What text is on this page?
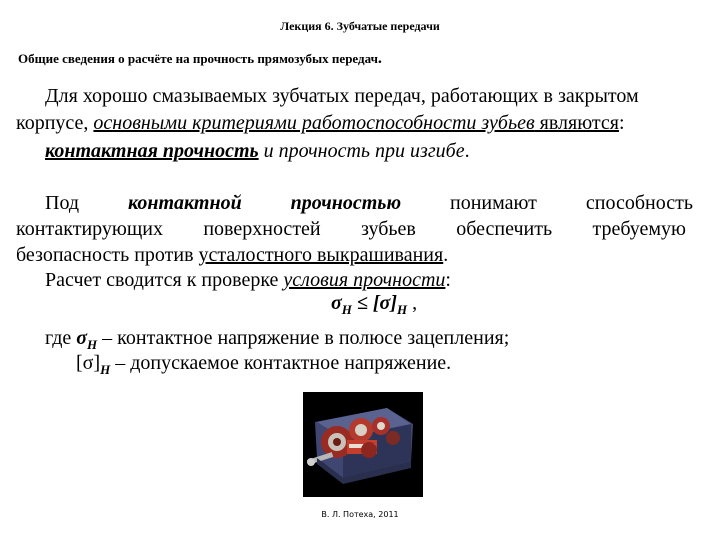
Лекция 6. Зубчатые передачи
Общие сведения о расчёте на прочность прямозубых передач.
Для хорошо смазываемых зубчатых передач, работающих в закрытом
корпусе, основными критериями работоспособности зубьев являются:
контактная прочность и прочность при изгибе.
Под контактной прочностью понимают способность
контактирующих поверхностей зубьев обеспечить требуемую
безопасность против усталостного выкрашивания.
Расчет сводится к проверке условия прочности:
$\sigma_H \le [\sigma]_H$ ,
где $\sigma_H$ – контактное напряжение в полюсе зацепления;
$[\sigma]_H$ – допускаемое контактное напряжение.
В. Л. Потеха, 2011
